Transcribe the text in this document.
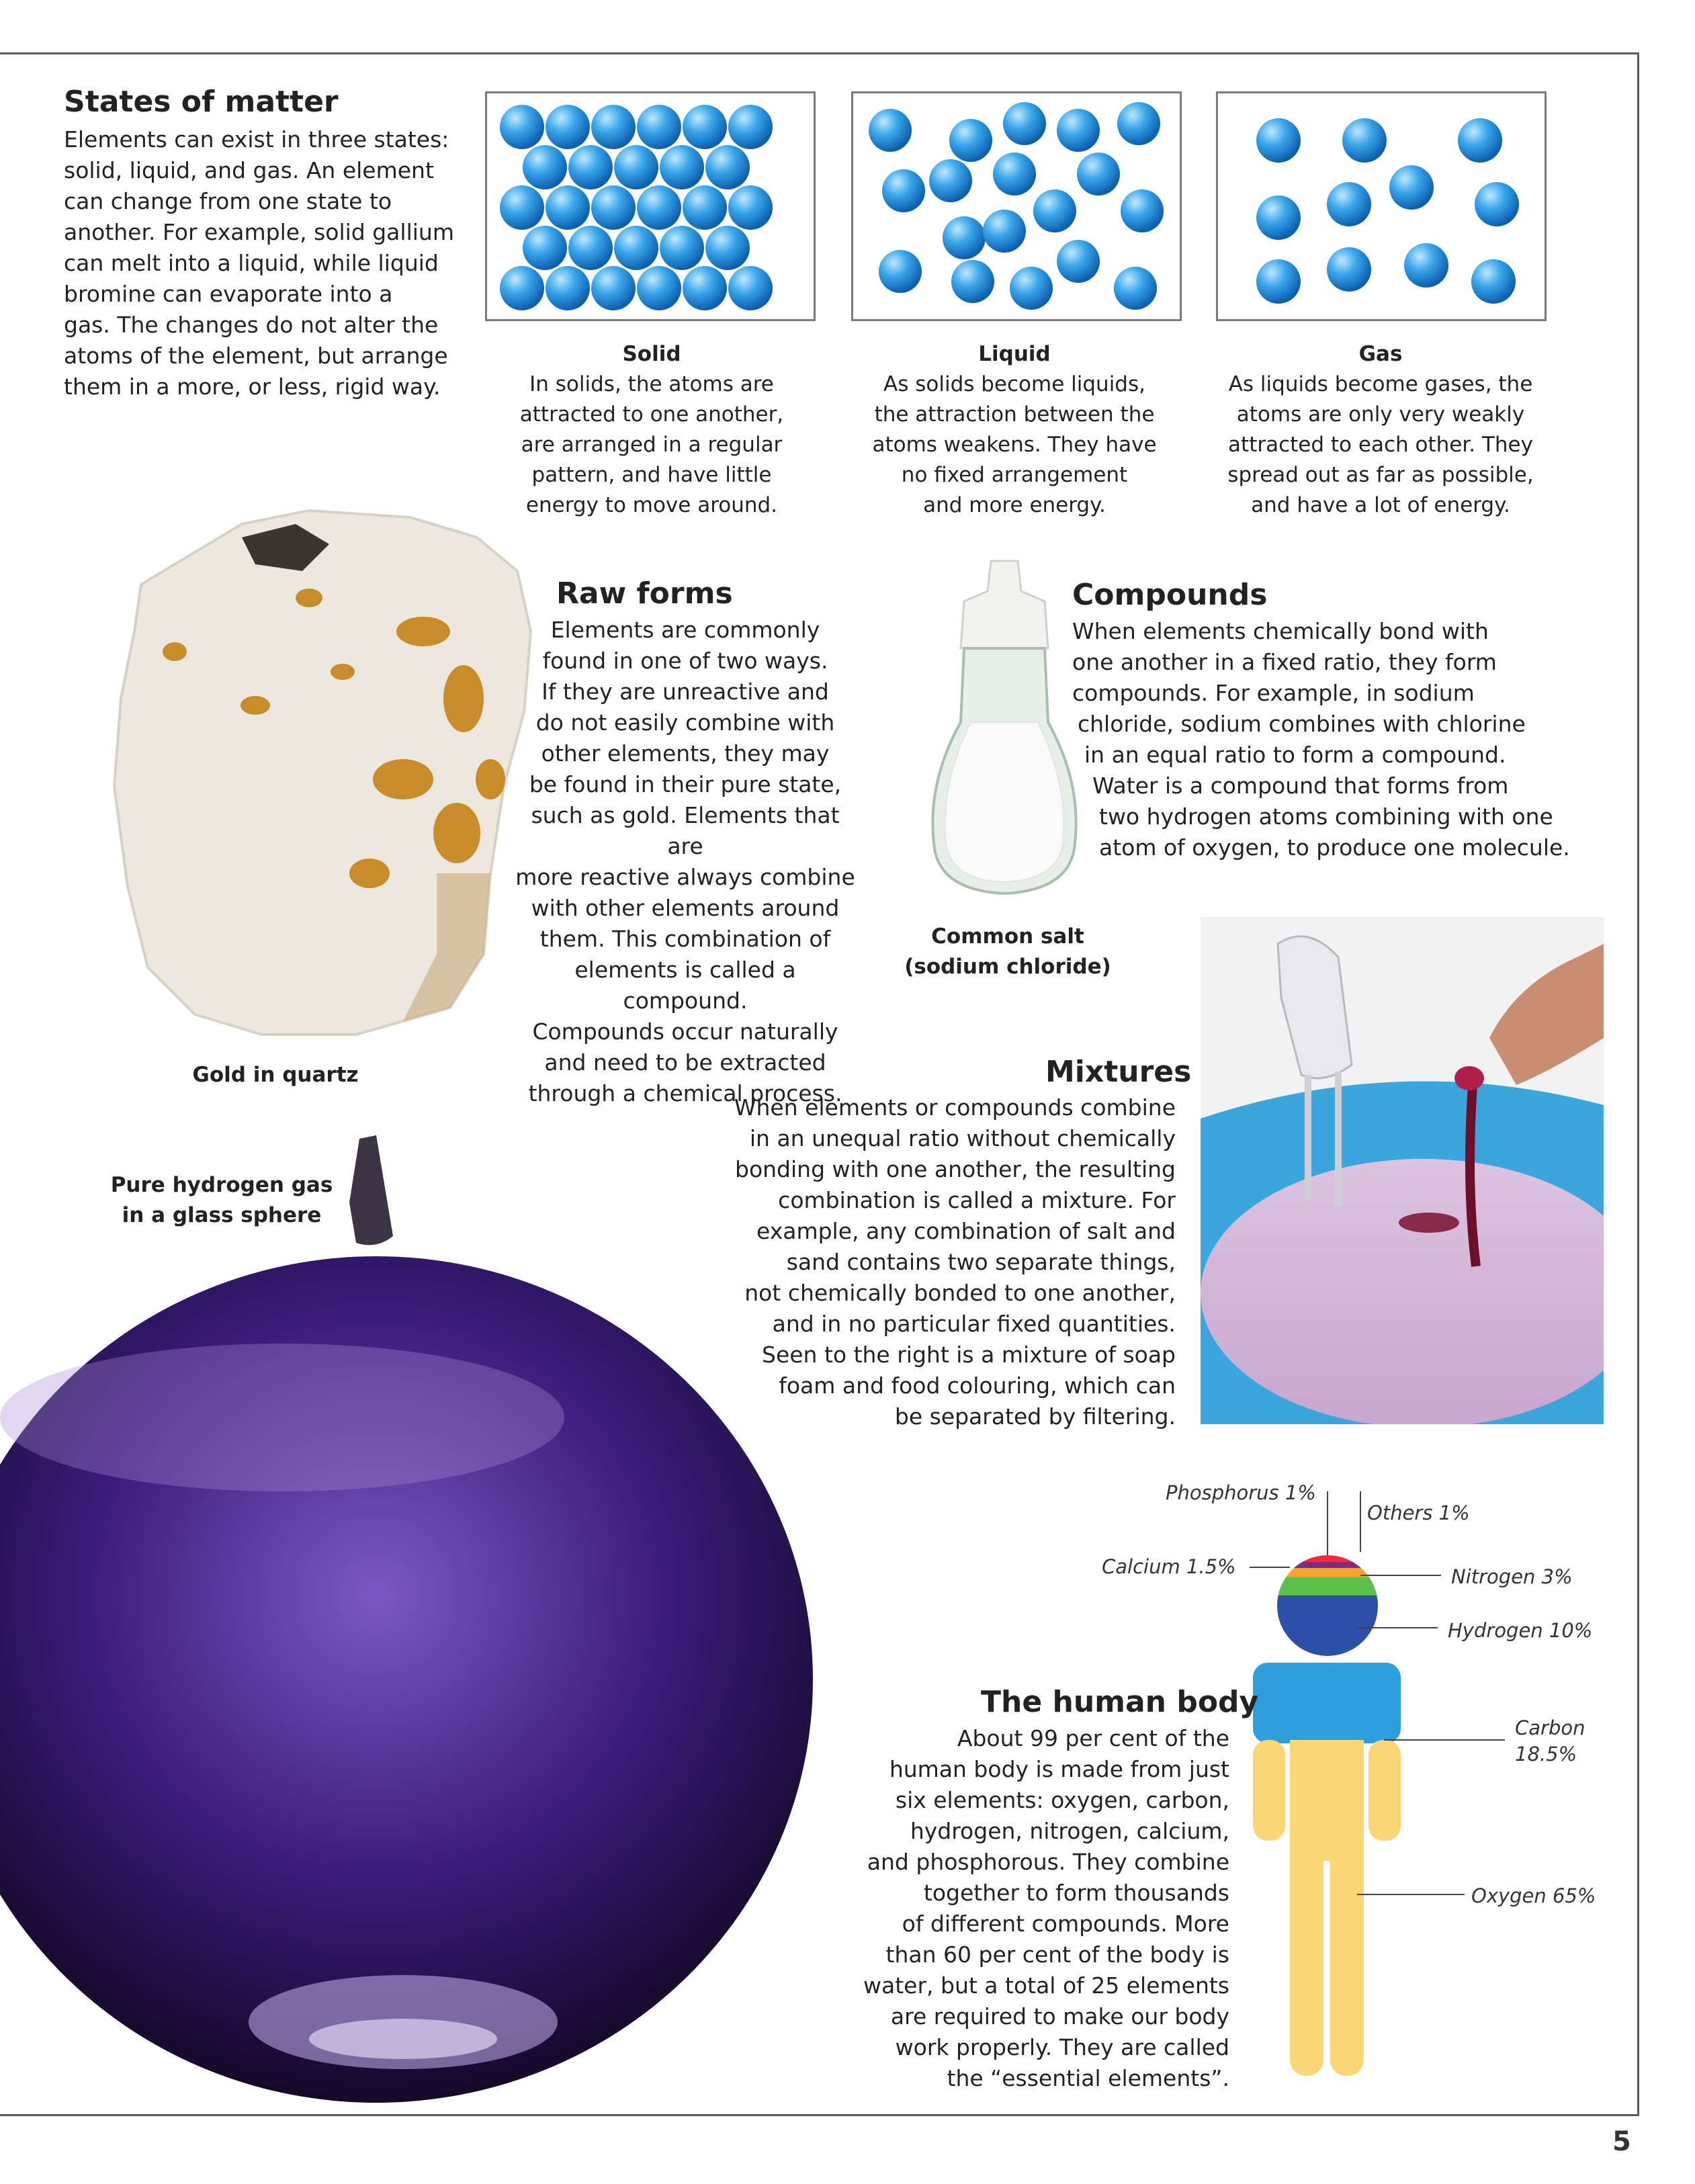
5
States of matter
Elements can exist in three states:
solid, liquid, and gas. An element
can change from one state to
another. For example, solid gallium
can melt into a liquid, while liquid
bromine can evaporate into a
gas. The changes do not alter the
atoms of the element, but arrange
them in a more, or less, rigid way.
Solid
In solids, the atoms are
attracted to one another,
are arranged in a regular
pattern, and have little
energy to move around.
Liquid
As solids become liquids,
the attraction between the
atoms weakens. They have
no fixed arrangement
and more energy.
Gas
As liquids become gases, the
atoms are only very weakly
attracted to each other. They
spread out as far as possible,
and have a lot of energy.
Gold in quartz
Raw forms
Elements are commonly
found in one of two ways.
If they are unreactive and
do not easily combine with
other elements, they may
be found in their pure state,
such as gold. Elements that are
more reactive always combine
with other elements around
them. This combination of
elements is called a compound.
Compounds occur naturally
and need to be extracted
through a chemical process.
Common salt
(sodium chloride)
Compounds
When elements chemically bond with
one another in a fixed ratio, they form
compounds. For example, in sodium
chloride, sodium combines with chlorine
in an equal ratio to form a compound.
Water is a compound that forms from
two hydrogen atoms combining with one
atom of oxygen, to produce one molecule.
Mixtures
When elements or compounds combine
in an unequal ratio without chemically
bonding with one another, the resulting
combination is called a mixture. For
example, any combination of salt and
sand contains two separate things,
not chemically bonded to one another,
and in no particular fixed quantities.
Seen to the right is a mixture of soap
foam and food colouring, which can
be separated by filtering.
Pure hydrogen gas
in a glass sphere
Phosphorus 1%
Others 1%
Calcium 1.5%	Nitrogen 3%
Hydrogen 10%
Carbon
18.5%
Oxygen 65%
The human body
About 99 per cent of the
human body is made from just
six elements: oxygen, carbon,
hydrogen, nitrogen, calcium,
and phosphorous. They combine
together to form thousands
of different compounds. More
than 60 per cent of the body is
water, but a total of 25 elements
are required to make our body
work properly. They are called
the “essential elements”.
